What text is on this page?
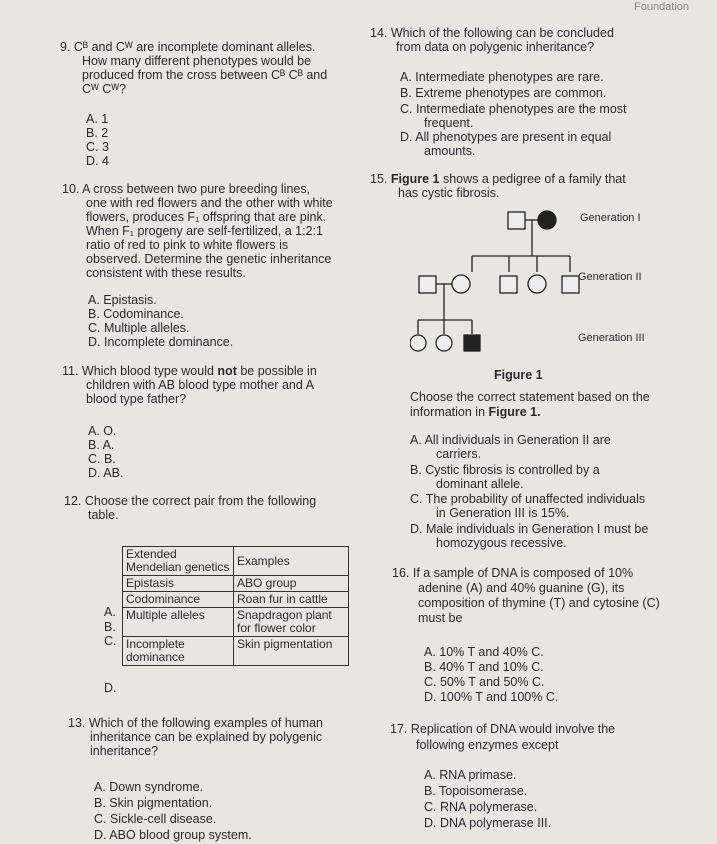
Foundation
9. Cᴮ and Cᵂ are incomplete dominant alleles.
How many different phenotypes would be
produced from the cross between Cᴮ Cᴮ and
Cᵂ Cᵂ?
A. 1
B. 2
C. 3
D. 4
10. A cross between two pure breeding lines,
one with red flowers and the other with white
flowers, produces F₁ offspring that are pink.
When F₁ progeny are self-fertilized, a 1:2:1
ratio of red to pink to white flowers is
observed. Determine the genetic inheritance
consistent with these results.
A. Epistasis.
B. Codominance.
C. Multiple alleles.
D. Incomplete dominance.
11. Which blood type would not be possible in
children with AB blood type mother and A
blood type father?
A. O.
B. A.
C. B.
D. AB.
12. Choose the correct pair from the following
table.
A.
B.
C.
D.
Extended Mendelian genetics	Examples
Epistasis	ABO group
Codominance	Roan fur in cattle
Multiple alleles	Snapdragon plant for flower color
Incomplete dominance	Skin pigmentation
13. Which of the following examples of human
inheritance can be explained by polygenic
inheritance?
A. Down syndrome.
B. Skin pigmentation.
C. Sickle-cell disease.
D. ABO blood group system.
14. Which of the following can be concluded
from data on polygenic inheritance?
A. Intermediate phenotypes are rare.
B. Extreme phenotypes are common.
C. Intermediate phenotypes are the most
frequent.
D. All phenotypes are present in equal
amounts.
15. Figure 1 shows a pedigree of a family that
has cystic fibrosis.
Generation I
Generation II
Generation III
Figure 1
Choose the correct statement based on the
information in Figure 1.
A. All individuals in Generation II are
carriers.
B. Cystic fibrosis is controlled by a
dominant allele.
C. The probability of unaffected individuals
in Generation III is 15%.
D. Male individuals in Generation I must be
homozygous recessive.
16. If a sample of DNA is composed of 10%
adenine (A) and 40% guanine (G), its
composition of thymine (T) and cytosine (C)
must be
A. 10% T and 40% C.
B. 40% T and 10% C.
C. 50% T and 50% C.
D. 100% T and 100% C.
17. Replication of DNA would involve the
following enzymes except
A. RNA primase.
B. Topoisomerase.
C. RNA polymerase.
D. DNA polymerase III.
